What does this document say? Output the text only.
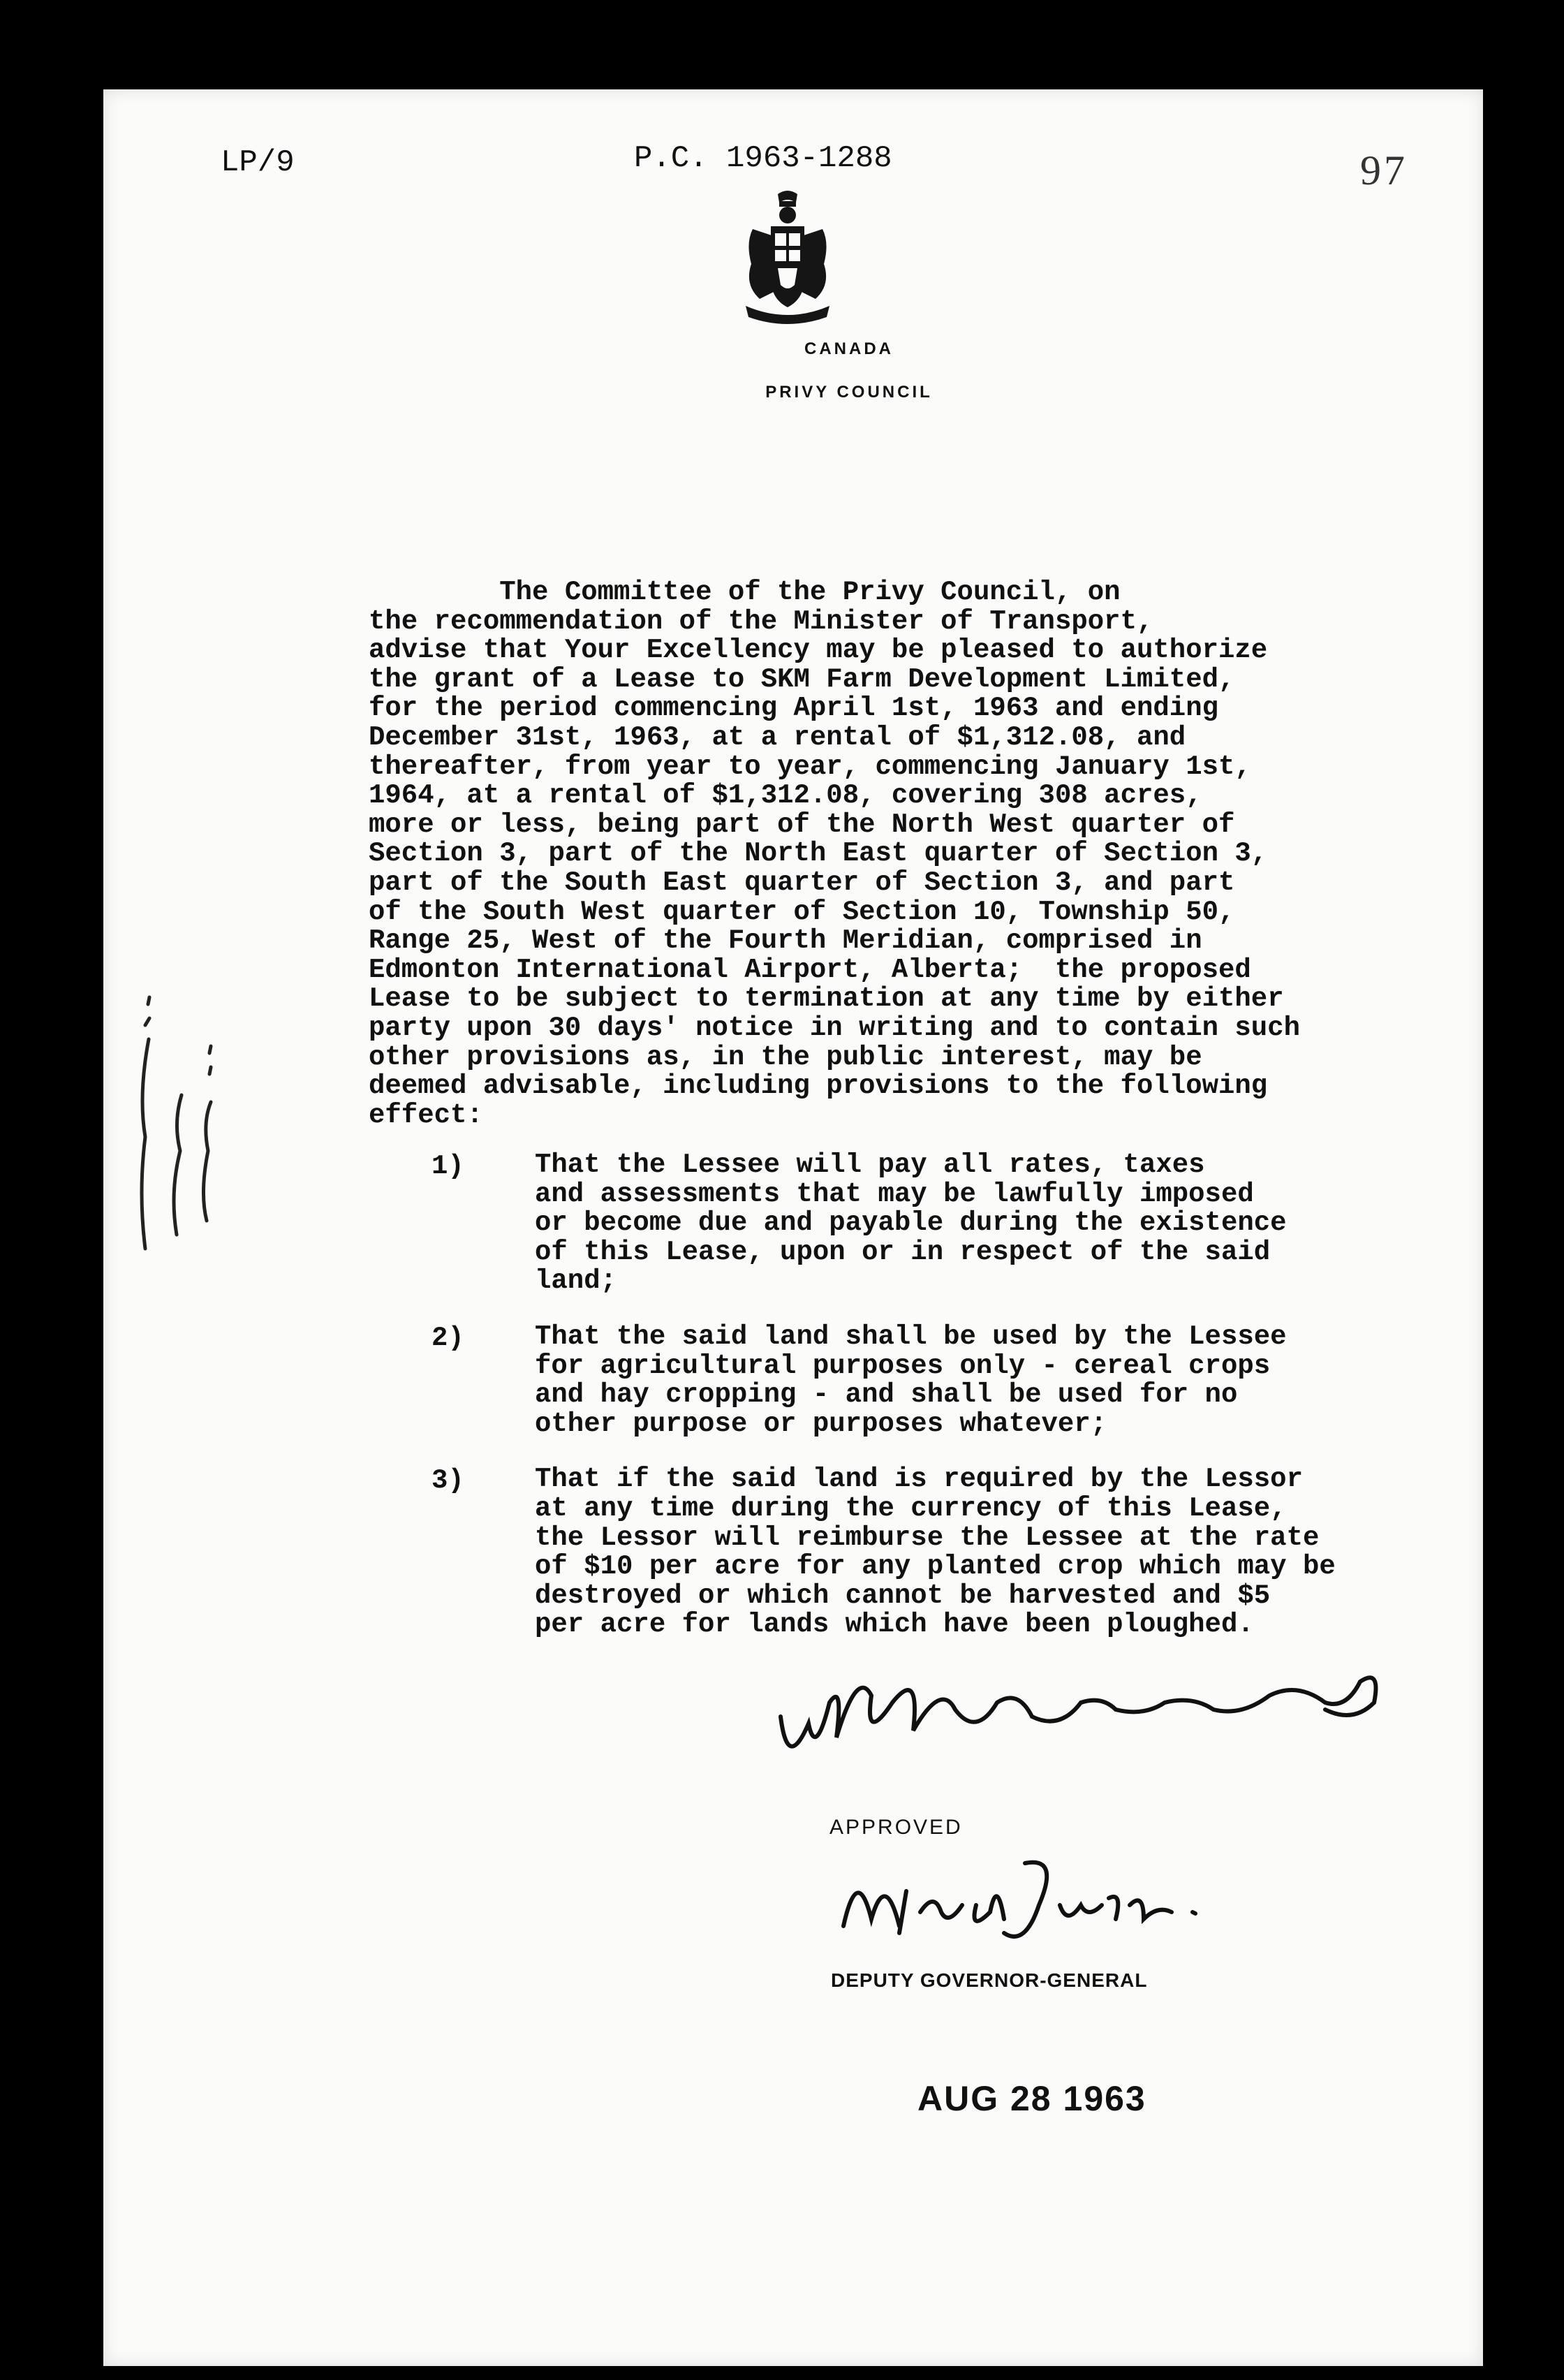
LP/9	P.C. 1963-1288	97
CANADA
PRIVY COUNCIL
The Committee of the Privy Council, on
the recommendation of the Minister of Transport,
advise that Your Excellency may be pleased to authorize
the grant of a Lease to SKM Farm Development Limited,
for the period commencing April 1st, 1963 and ending
December 31st, 1963, at a rental of $1,312.08, and
thereafter, from year to year, commencing January 1st,
1964, at a rental of $1,312.08, covering 308 acres,
more or less, being part of the North West quarter of
Section 3, part of the North East quarter of Section 3,
part of the South East quarter of Section 3, and part
of the South West quarter of Section 10, Township 50,
Range 25, West of the Fourth Meridian, comprised in
Edmonton International Airport, Alberta;  the proposed
Lease to be subject to termination at any time by either
party upon 30 days' notice in writing and to contain such
other provisions as, in the public interest, may be
deemed advisable, including provisions to the following
effect:
1)	That the Lessee will pay all rates, taxes
and assessments that may be lawfully imposed
or become due and payable during the existence
of this Lease, upon or in respect of the said
land;
2)	That the said land shall be used by the Lessee
for agricultural purposes only - cereal crops
and hay cropping - and shall be used for no
other purpose or purposes whatever;
3)	That if the said land is required by the Lessor
at any time during the currency of this Lease,
the Lessor will reimburse the Lessee at the rate
of $10 per acre for any planted crop which may be
destroyed or which cannot be harvested and $5
per acre for lands which have been ploughed.
APPROVED
DEPUTY GOVERNOR-GENERAL
AUG 28 1963
